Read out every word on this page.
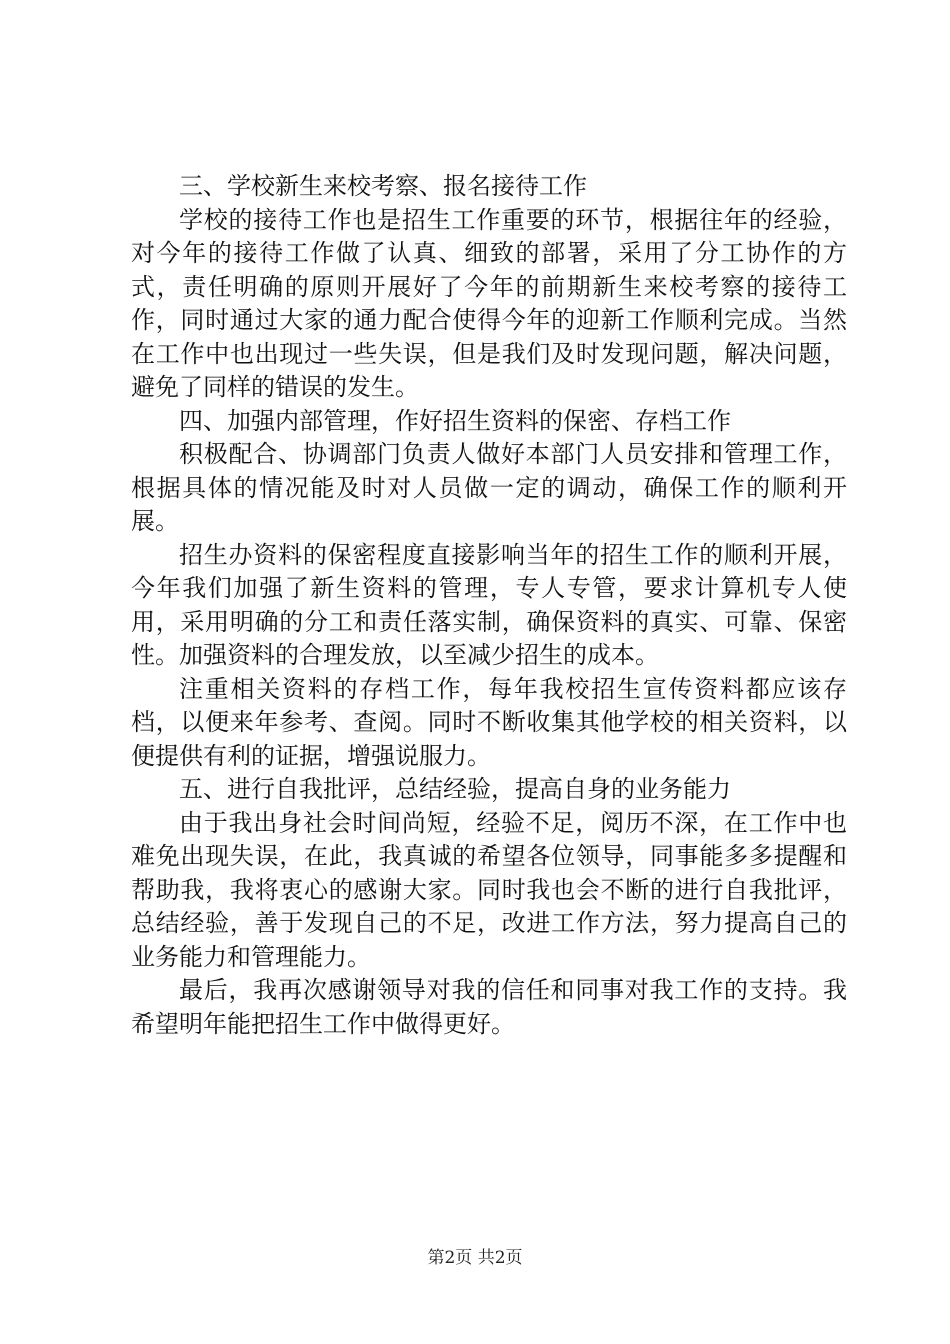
三、学校新生来校考察、报名接待工作

学校的接待工作也是招生工作重要的环节，根据往年的经验，对今年的接待工作做了认真、细致的部署，采用了分工协作的方式，责任明确的原则开展好了今年的前期新生来校考察的接待工作，同时通过大家的通力配合使得今年的迎新工作顺利完成。当然在工作中也出现过一些失误，但是我们及时发现问题，解决问题，避免了同样的错误的发生。

四、加强内部管理，作好招生资料的保密、存档工作

积极配合、协调部门负责人做好本部门人员安排和管理工作，根据具体的情况能及时对人员做一定的调动，确保工作的顺利开展。

招生办资料的保密程度直接影响当年的招生工作的顺利开展，今年我们加强了新生资料的管理，专人专管，要求计算机专人使用，采用明确的分工和责任落实制，确保资料的真实、可靠、保密性。加强资料的合理发放，以至减少招生的成本。

注重相关资料的存档工作，每年我校招生宣传资料都应该存档，以便来年参考、查阅。同时不断收集其他学校的相关资料，以便提供有利的证据，增强说服力。

五、进行自我批评，总结经验，提高自身的业务能力

由于我出身社会时间尚短，经验不足，阅历不深，在工作中也难免出现失误，在此，我真诚的希望各位领导，同事能多多提醒和帮助我，我将衷心的感谢大家。同时我也会不断的进行自我批评，总结经验，善于发现自己的不足，改进工作方法，努力提高自己的业务能力和管理能力。

最后，我再次感谢领导对我的信任和同事对我工作的支持。我希望明年能把招生工作中做得更好。

第2页 共2页
